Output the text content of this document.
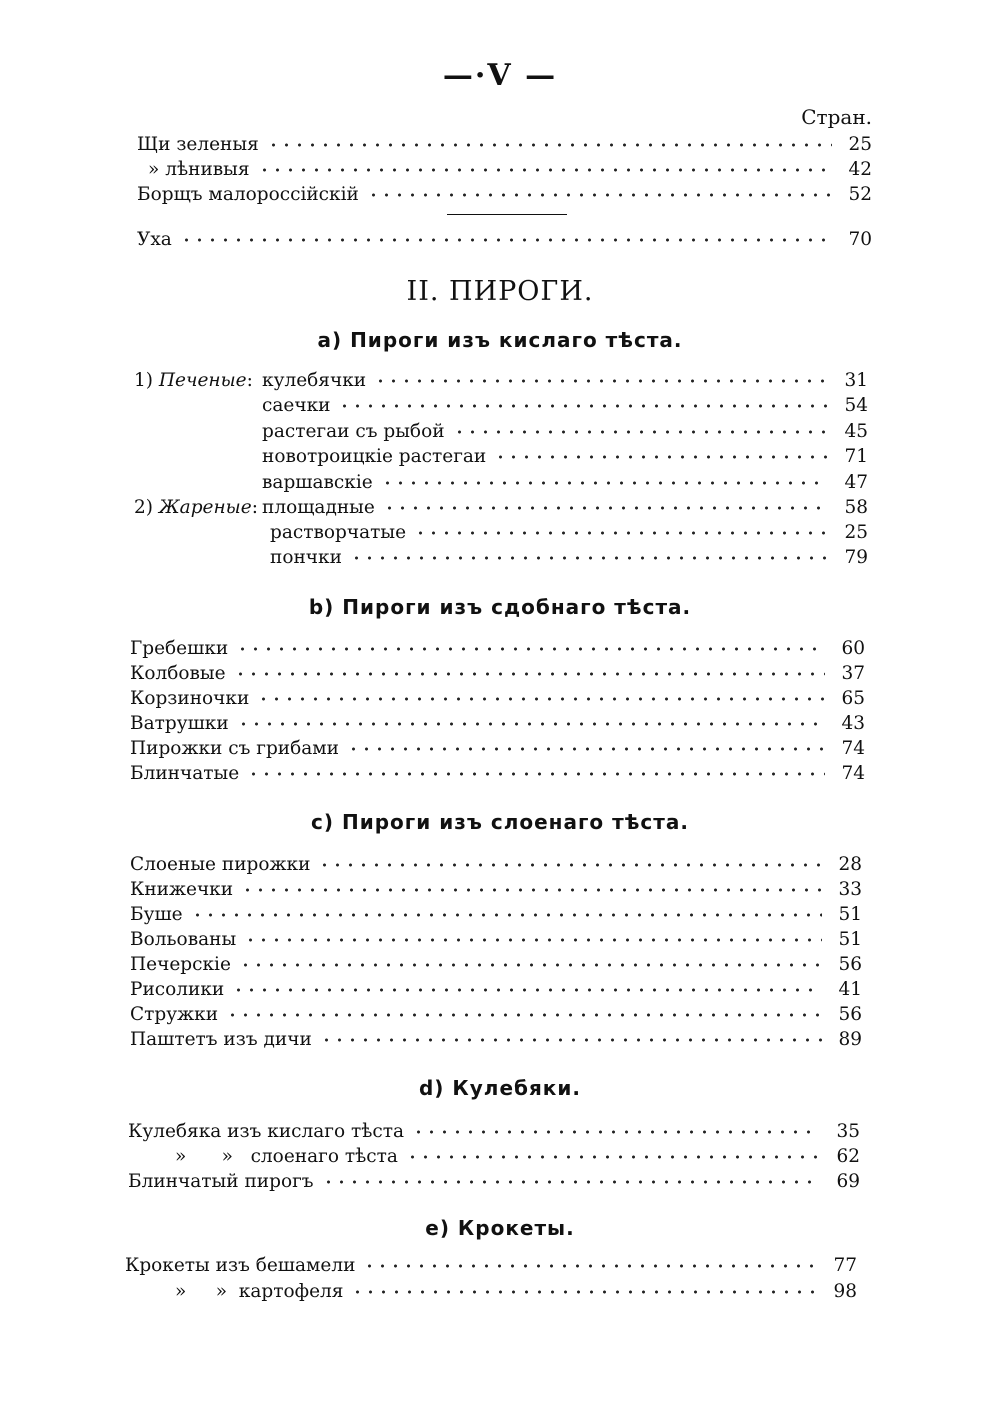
—·V —
Стран.
Щи зеленыя	25
» лѣнивыя	42
Борщъ малороссійскій	52
Уха	70
II. ПИРОГИ.
а) Пироги изъ кислаго тѣста.
1) Печеные: кулебячки	31
саечки	54
растегаи съ рыбой	45
новотроицкіе растегаи	71
варшавскіе	47
2) Жареные: площадные	58
растворчатые	25
пончки	79
b) Пироги изъ сдобнаго тѣста.
Гребешки	60
Колбовые	37
Корзиночки	65
Ватрушки	43
Пирожки съ грибами	74
Блинчатые	74
с) Пироги изъ слоенаго тѣста.
Слоеные пирожки	28
Книжечки	33
Буше	51
Вольованы	51
Печерскіе	56
Рисолики	41
Стружки	56
Паштетъ изъ дичи	89
d) Кулебяки.
Кулебяка изъ кислаго тѣста	35
»      »   слоенаго тѣста	62
Блинчатый пирогъ	69
е) Крокеты.
Крокеты изъ бешамели	77
»     »  картофеля	98
